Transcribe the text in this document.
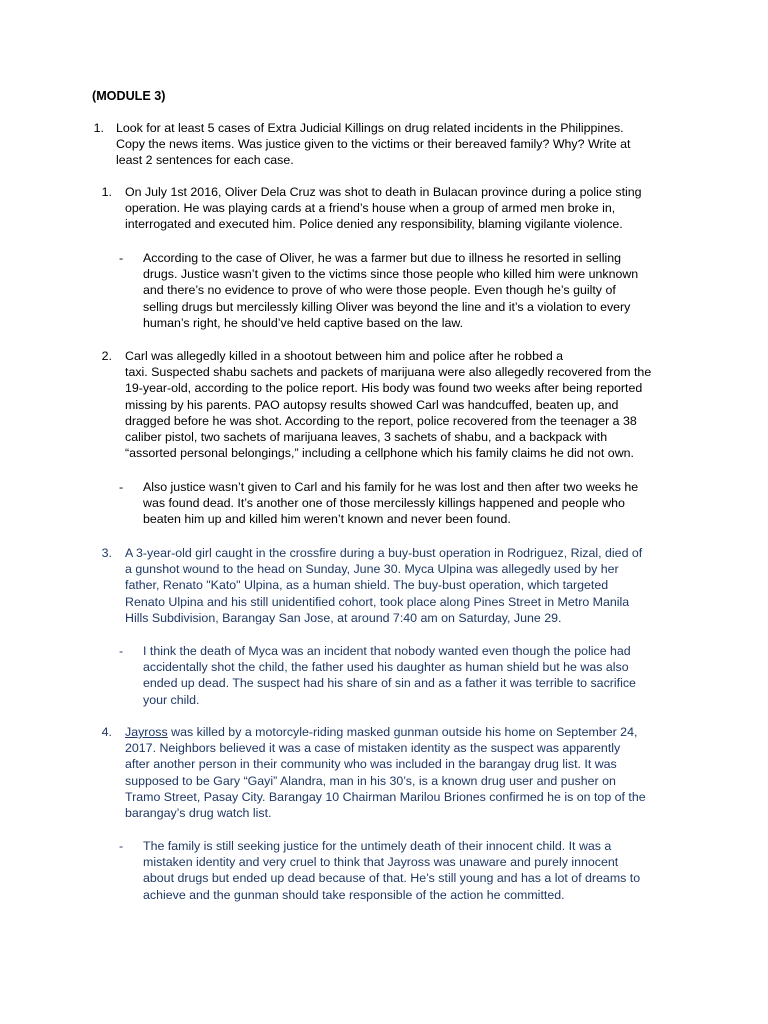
(MODULE 3)
1. Look for at least 5 cases of Extra Judicial Killings on drug related incidents in the Philippines.
Copy the news items. Was justice given to the victims or their bereaved family? Why? Write at
least 2 sentences for each case.
1. On July 1st 2016, Oliver Dela Cruz was shot to death in Bulacan province during a police sting
operation. He was playing cards at a friend’s house when a group of armed men broke in,
interrogated and executed him. Police denied any responsibility, blaming vigilante violence.
- According to the case of Oliver, he was a farmer but due to illness he resorted in selling
drugs. Justice wasn’t given to the victims since those people who killed him were unknown
and there’s no evidence to prove of who were those people. Even though he’s guilty of
selling drugs but mercilessly killing Oliver was beyond the line and it’s a violation to every
human’s right, he should’ve held captive based on the law.
2. Carl was allegedly killed in a shootout between him and police after he robbed a
taxi. Suspected shabu sachets and packets of marijuana were also allegedly recovered from the
19-year-old, according to the police report. His body was found two weeks after being reported
missing by his parents. PAO autopsy results showed Carl was handcuffed, beaten up, and
dragged before he was shot. According to the report, police recovered from the teenager a 38
caliber pistol, two sachets of marijuana leaves, 3 sachets of shabu, and a backpack with
“assorted personal belongings,” including a cellphone which his family claims he did not own.
- Also justice wasn’t given to Carl and his family for he was lost and then after two weeks he
was found dead. It’s another one of those mercilessly killings happened and people who
beaten him up and killed him weren’t known and never been found.
3. A 3-year-old girl caught in the crossfire during a buy-bust operation in Rodriguez, Rizal, died of
a gunshot wound to the head on Sunday, June 30. Myca Ulpina was allegedly used by her
father, Renato "Kato" Ulpina, as a human shield. The buy-bust operation, which targeted
Renato Ulpina and his still unidentified cohort, took place along Pines Street in Metro Manila
Hills Subdivision, Barangay San Jose, at around 7:40 am on Saturday, June 29.
- I think the death of Myca was an incident that nobody wanted even though the police had
accidentally shot the child, the father used his daughter as human shield but he was also
ended up dead. The suspect had his share of sin and as a father it was terrible to sacrifice
your child.
4. Jayross was killed by a motorcyle-riding masked gunman outside his home on September 24,
2017. Neighbors believed it was a case of mistaken identity as the suspect was apparently
after another person in their community who was included in the barangay drug list. It was
supposed to be Gary “Gayi” Alandra, man in his 30’s, is a known drug user and pusher on
Tramo Street, Pasay City. Barangay 10 Chairman Marilou Briones confirmed he is on top of the
barangay’s drug watch list.
- The family is still seeking justice for the untimely death of their innocent child. It was a
mistaken identity and very cruel to think that Jayross was unaware and purely innocent
about drugs but ended up dead because of that. He’s still young and has a lot of dreams to
achieve and the gunman should take responsible of the action he committed.
